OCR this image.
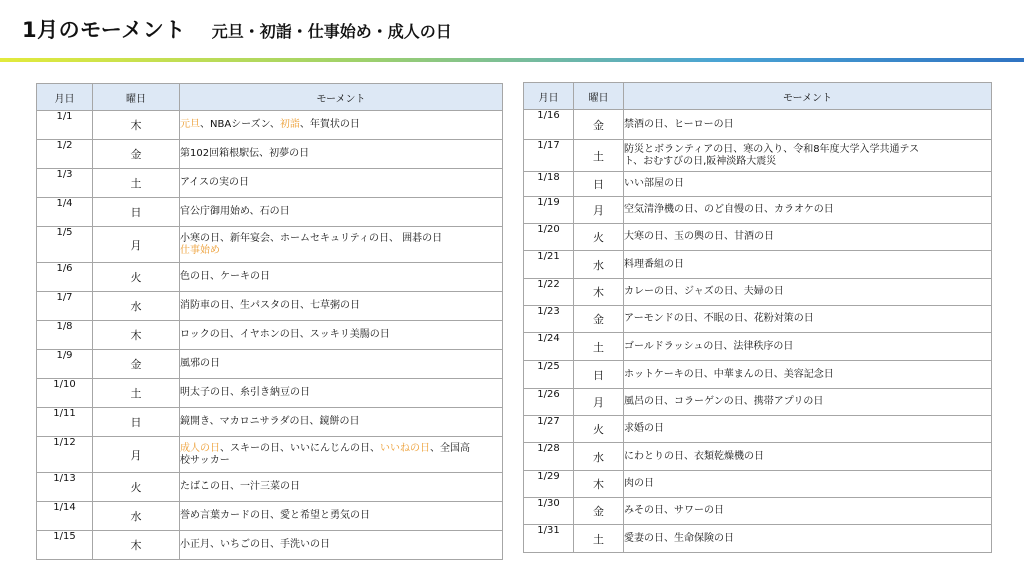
1月のモーメント 元旦・初詣・仕事始め・成人の日
月日	曜日	モーメント
1/1	木	元旦、NBAシーズン、初詣、年賀状の日
1/2	金	第102回箱根駅伝、初夢の日
1/3	土	アイスの実の日
1/4	日	官公庁御用始め、石の日
1/5	月	小寒の日、新年宴会、ホームセキュリティの日、 囲碁の日
仕事始め
1/6	火	色の日、ケーキの日
1/7	水	消防車の日、生パスタの日、七草粥の日
1/8	木	ロックの日、イヤホンの日、スッキリ美腸の日
1/9	金	風邪の日
1/10	土	明太子の日、糸引き納豆の日
1/11	日	鏡開き、マカロニサラダの日、鏡餅の日
1/12	月	成人の日、スキーの日、いいにんじんの日、いいねの日、全国高
校サッカー
1/13	火	たばこの日、一汁三菜の日
1/14	水	誉め言葉カードの日、愛と希望と勇気の日
1/15	木	小正月、いちごの日、手洗いの日
月日	曜日	モーメント
1/16	金	禁酒の日、ヒーローの日
1/17	土	防災とボランティアの日、寒の入り、令和8年度大学入学共通テス
ト、おむすびの日,阪神淡路大震災
1/18	日	いい部屋の日
1/19	月	空気清浄機の日、のど自慢の日、カラオケの日
1/20	火	大寒の日、玉の輿の日、甘酒の日
1/21	水	料理番組の日
1/22	木	カレーの日、ジャズの日、夫婦の日
1/23	金	アーモンドの日、不眠の日、花粉対策の日
1/24	土	ゴールドラッシュの日、法律秩序の日
1/25	日	ホットケーキの日、中華まんの日、美容記念日
1/26	月	風呂の日、コラーゲンの日、携帯アプリの日
1/27	火	求婚の日
1/28	水	にわとりの日、衣類乾燥機の日
1/29	木	肉の日
1/30	金	みその日、サワーの日
1/31	土	愛妻の日、生命保険の日
